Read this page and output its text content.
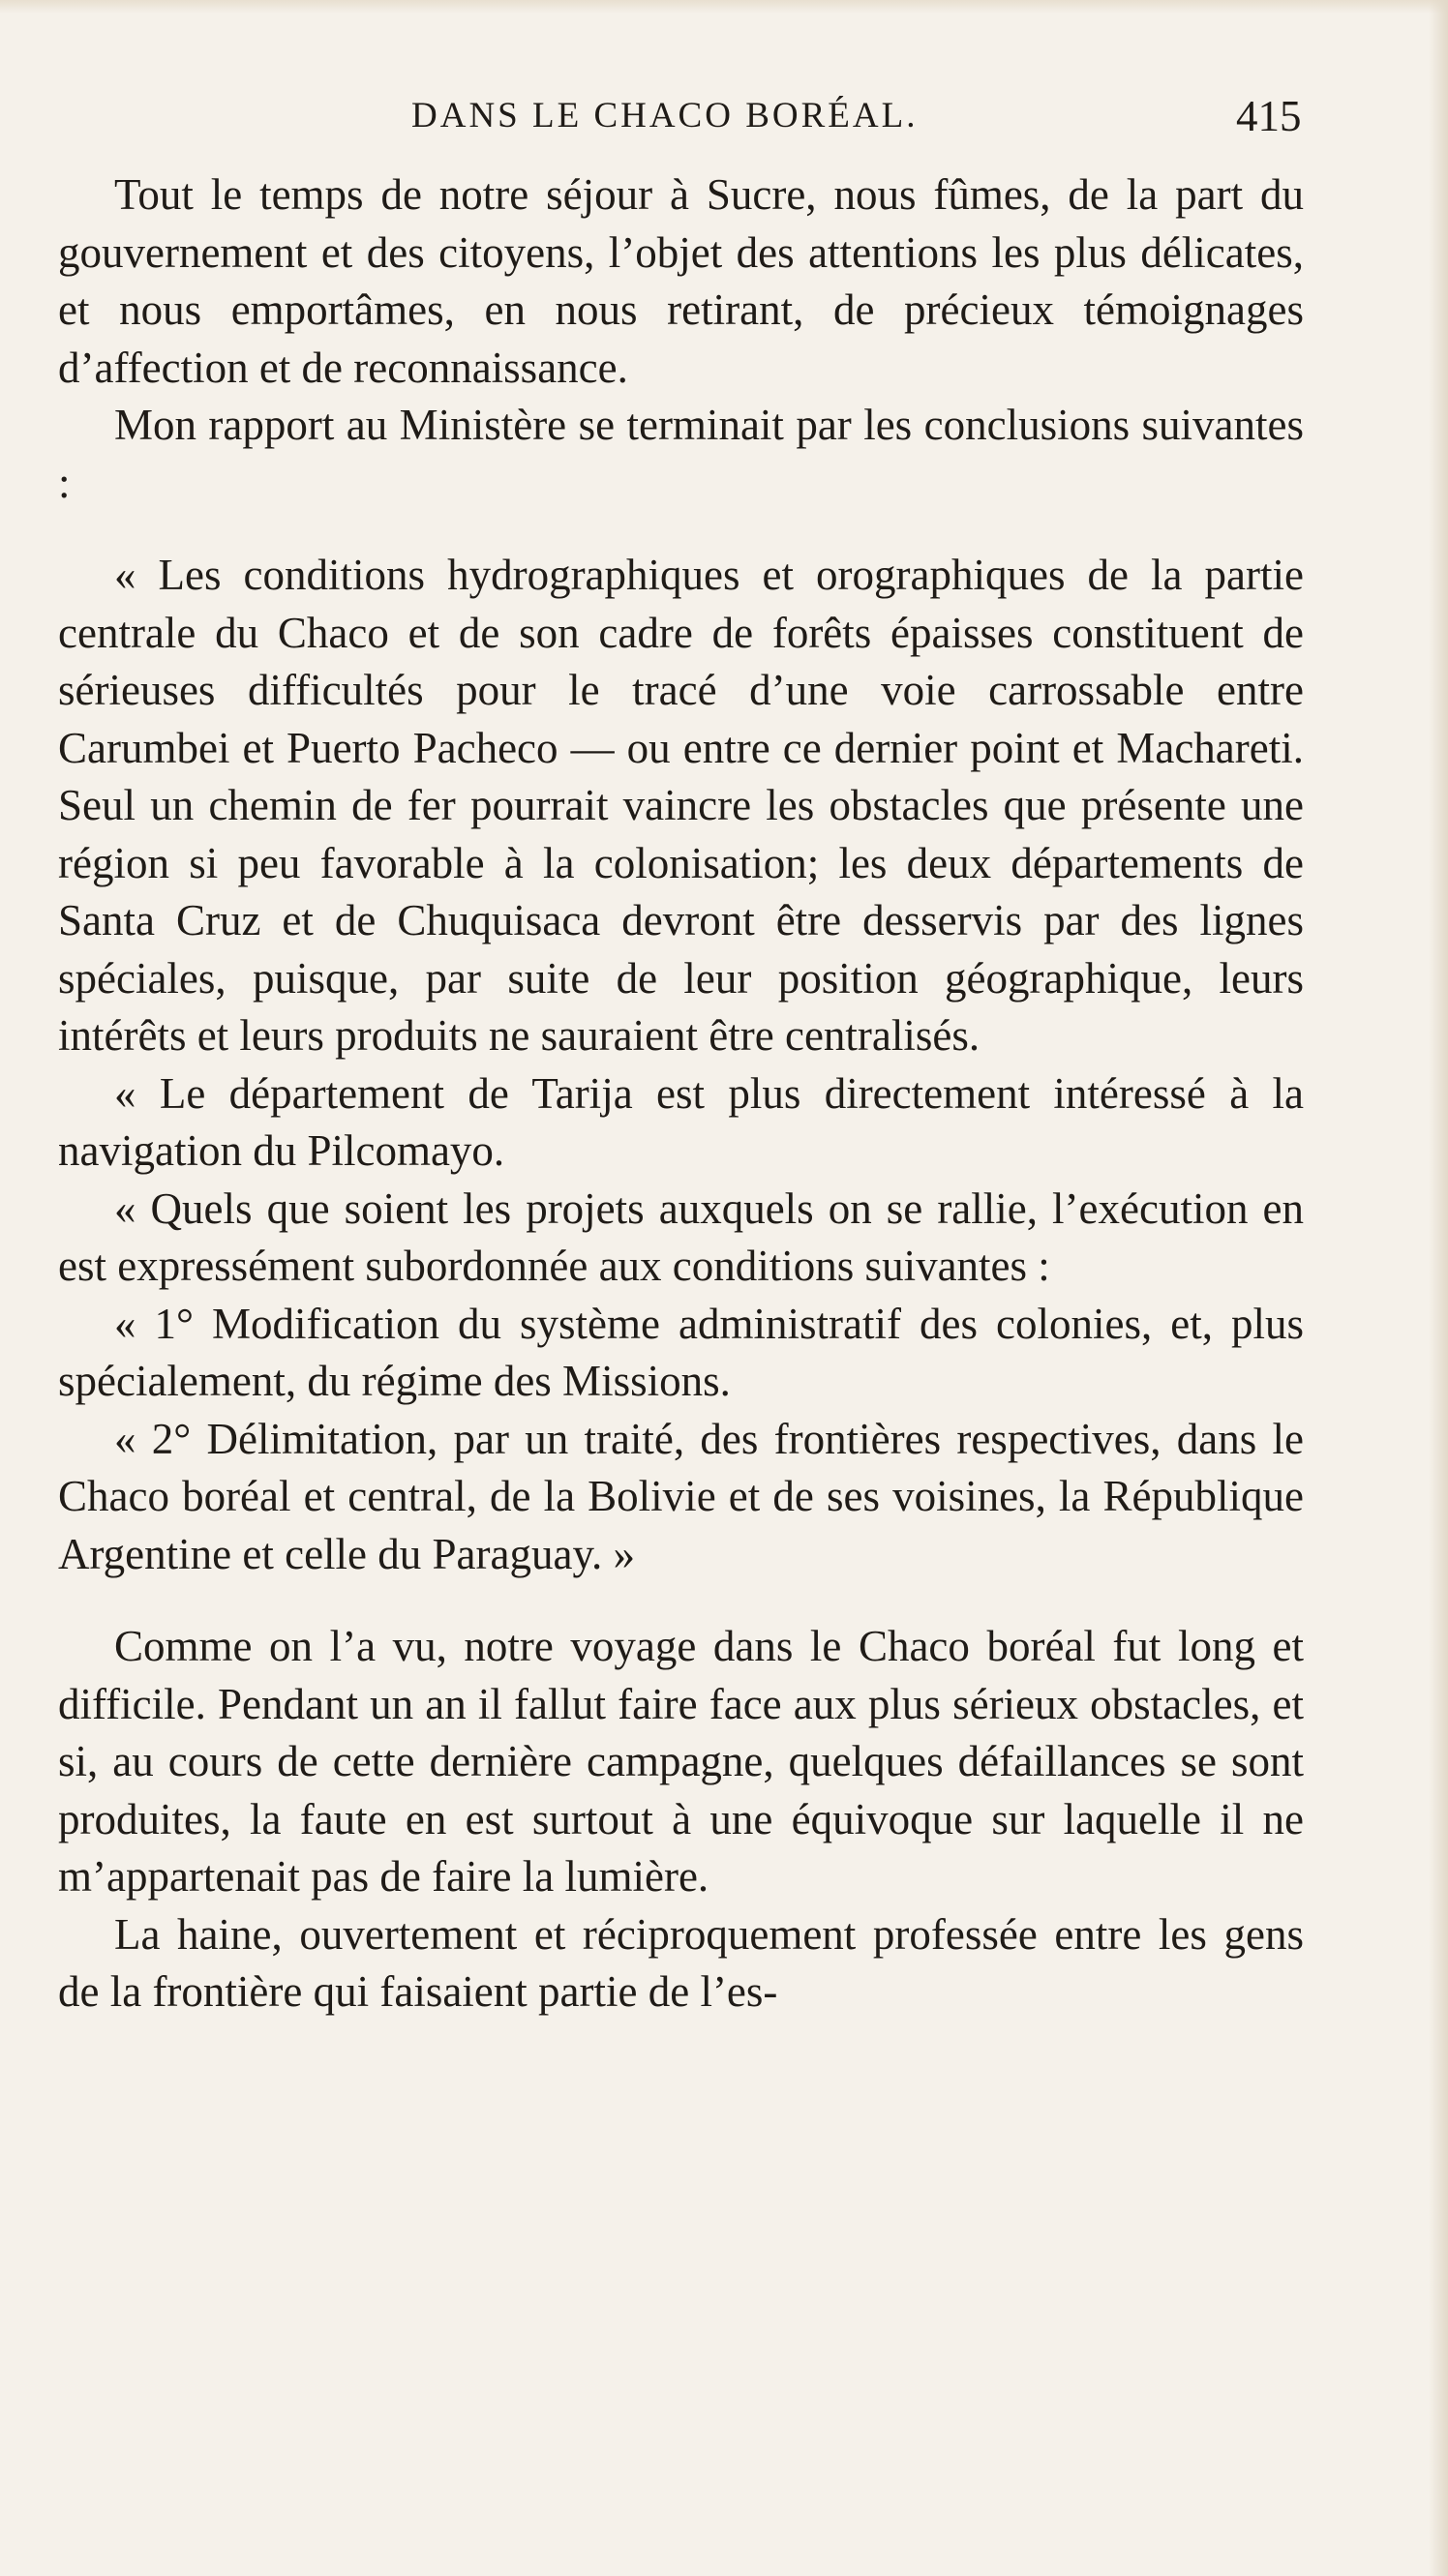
DANS LE CHACO BORÉAL.	415

Tout le temps de notre séjour à Sucre, nous fûmes, de la part du gouvernement et des citoyens, l’objet des attentions les plus délicates, et nous emportâmes, en nous retirant, de précieux témoignages d’affection et de reconnaissance.

Mon rapport au Ministère se terminait par les conclusions suivantes :

« Les conditions hydrographiques et orographiques de la partie centrale du Chaco et de son cadre de forêts épaisses constituent de sérieuses difficultés pour le tracé d’une voie carrossable entre Carumbei et Puerto Pacheco — ou entre ce dernier point et Machareti. Seul un chemin de fer pourrait vaincre les obstacles que présente une région si peu favorable à la colonisation; les deux départements de Santa Cruz et de Chuquisaca devront être desservis par des lignes spéciales, puisque, par suite de leur position géographique, leurs intérêts et leurs produits ne sauraient être centralisés.

« Le département de Tarija est plus directement intéressé à la navigation du Pilcomayo.

« Quels que soient les projets auxquels on se rallie, l’exécution en est expressément subordonnée aux conditions suivantes :

« 1° Modification du système administratif des colonies, et, plus spécialement, du régime des Missions.

« 2° Délimitation, par un traité, des frontières respectives, dans le Chaco boréal et central, de la Bolivie et de ses voisines, la République Argentine et celle du Paraguay. »

Comme on l’a vu, notre voyage dans le Chaco boréal fut long et difficile. Pendant un an il fallut faire face aux plus sérieux obstacles, et si, au cours de cette dernière campagne, quelques défaillances se sont produites, la faute en est surtout à une équivoque sur laquelle il ne m’appartenait pas de faire la lumière.

La haine, ouvertement et réciproquement professée entre les gens de la frontière qui faisaient partie de l’es-
